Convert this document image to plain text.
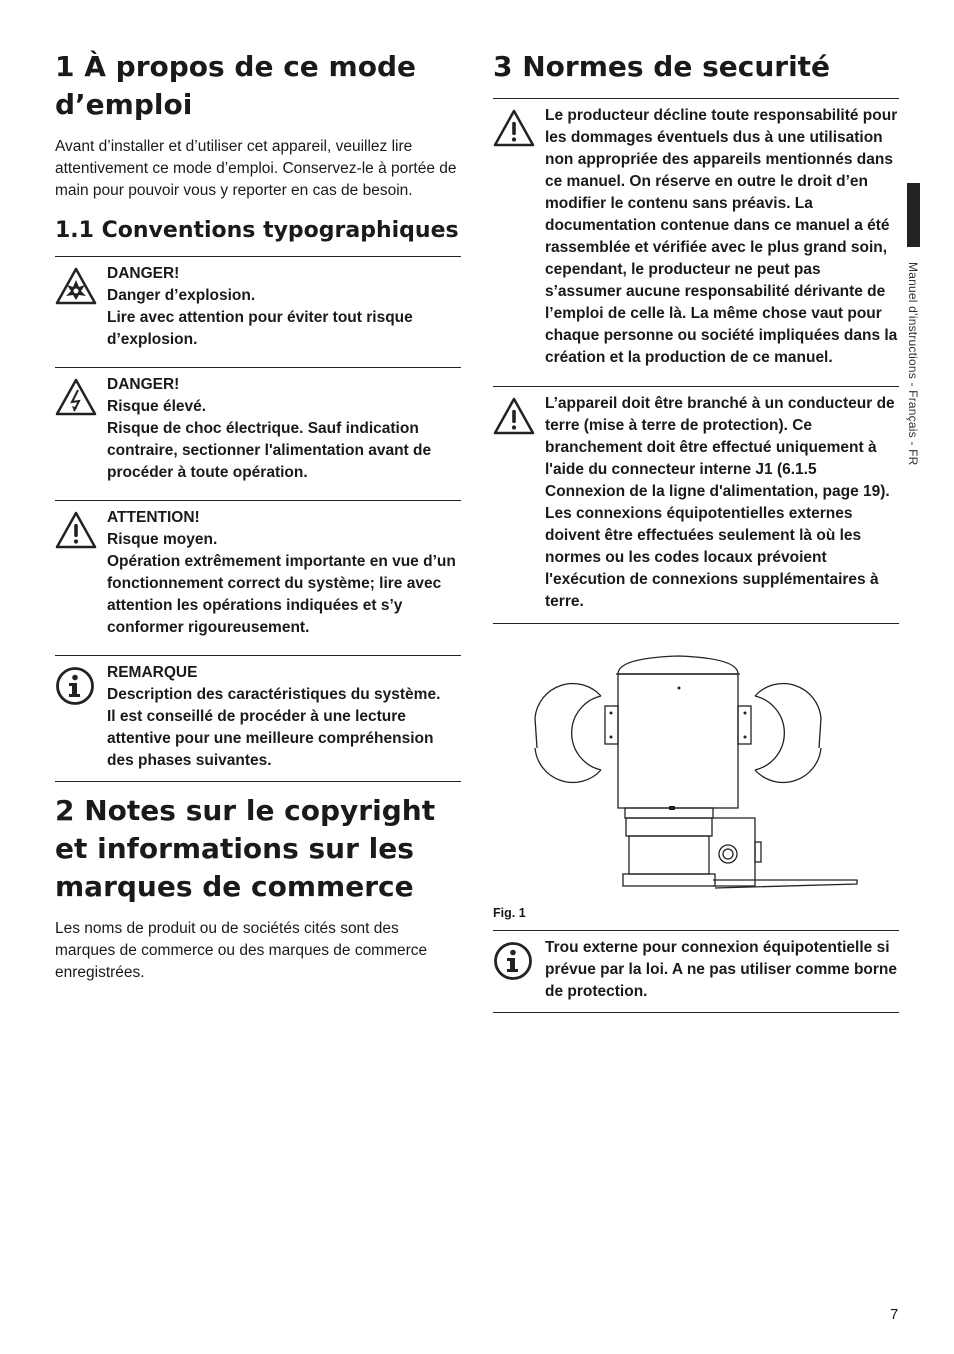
1 À propos de ce mode d’emploi

Avant d’installer et d’utiliser cet appareil, veuillez lire attentivement ce mode d’emploi. Conservez-le à portée de main pour pouvoir vous y reporter en cas de besoin.

1.1 Conventions typographiques

DANGER!
Danger d’explosion.
Lire avec attention pour éviter tout risque d’explosion.

DANGER!
Risque élevé.
Risque de choc électrique. Sauf indication contraire, sectionner l'alimentation avant de procéder à toute opération.

ATTENTION!
Risque moyen.
Opération extrêmement importante en vue d’un fonctionnement correct du système; lire avec attention les opérations indiquées et s’y conformer rigoureusement.

REMARQUE
Description des caractéristiques du système.
Il est conseillé de procéder à une lecture attentive pour une meilleure compréhension des phases suivantes.

2 Notes sur le copyright et informations sur les marques de commerce

Les noms de produit ou de sociétés cités sont des marques de commerce ou des marques de commerce enregistrées.

3 Normes de securité

Le producteur décline toute responsabilité pour les dommages éventuels dus à une utilisation non appropriée des appareils mentionnés dans ce manuel. On réserve en outre le droit d’en modifier le contenu sans préavis. La documentation contenue dans ce manuel a été rassemblée et vérifiée avec le plus grand soin, cependant, le producteur ne peut pas s’assumer aucune responsabilité dérivante de l’emploi de celle là. La même chose vaut pour chaque personne ou société impliquées dans la création et la production de ce manuel.

L’appareil doit être branché à un conducteur de terre (mise à terre de protection). Ce branchement doit être effectué uniquement à l'aide du connecteur interne J1 (6.1.5 Connexion de la ligne d'alimentation, page 19). Les connexions équipotentielles externes doivent être effectuées seulement là où les normes ou les codes locaux prévoient l'exécution de connexions supplémentaires à terre.

Fig. 1

Trou externe pour connexion équipotentielle si prévue par la loi. A ne pas utiliser comme borne de protection.

Manuel d’instructions - Français - FR
7
